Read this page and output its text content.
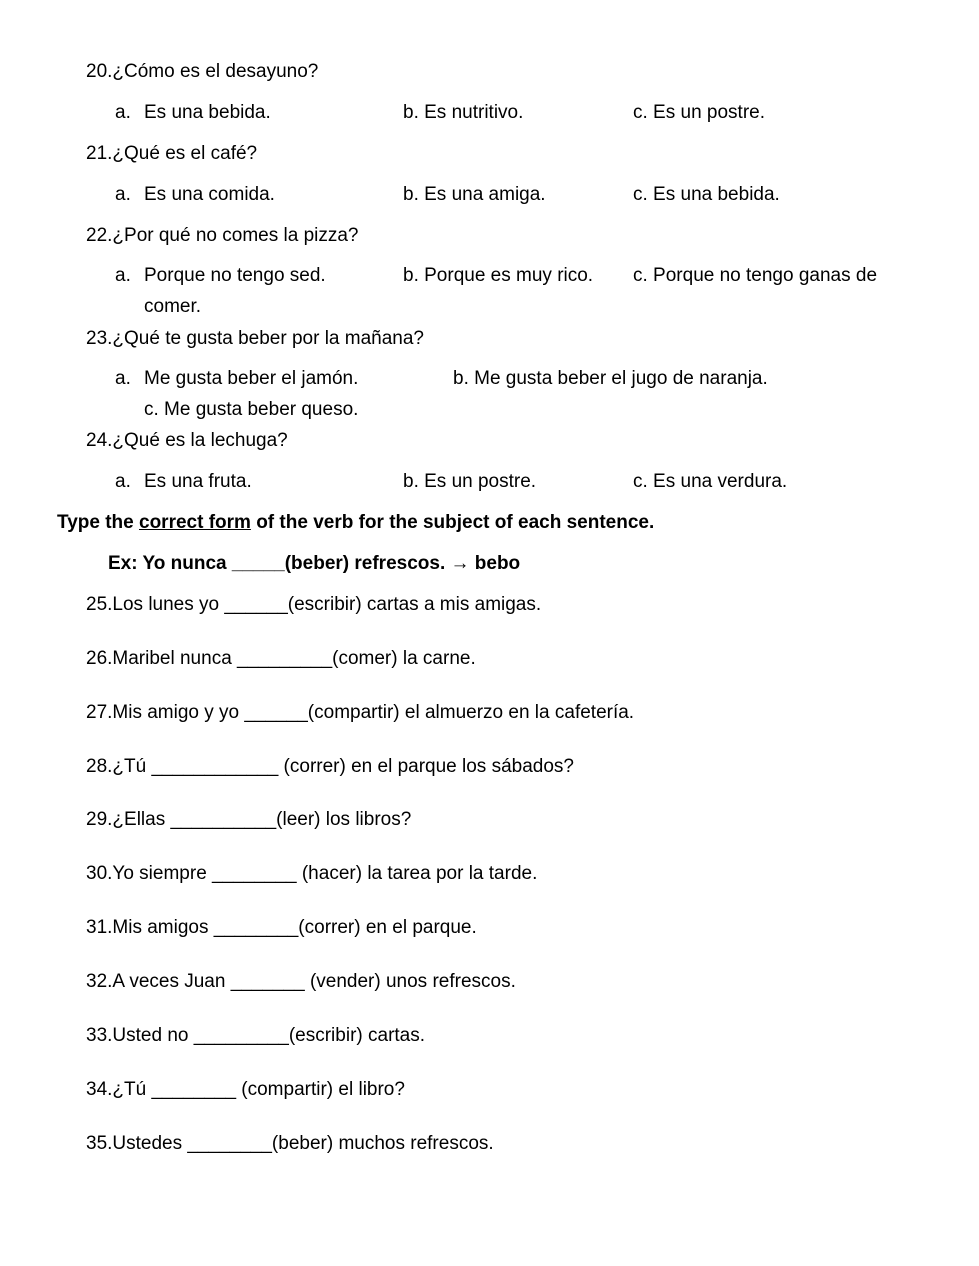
20.¿Cómo es el desayuno?
a. Es una bebida.	b. Es nutritivo.	c. Es un postre.
21.¿Qué es el café?
a. Es una comida.	b. Es una amiga.	c. Es una bebida.
22.¿Por qué no comes la pizza?
a. Porque no tengo sed.	b. Porque es muy rico. c. Porque no tengo ganas de
comer.
23.¿Qué te gusta beber por la mañana?
a. Me gusta beber el jamón.	b. Me gusta beber el jugo de naranja.
c. Me gusta beber queso.
24.¿Qué es la lechuga?
a. Es una fruta.	b. Es un postre.	c. Es una verdura.
Type the correct form of the verb for the subject of each sentence.
Ex: Yo nunca _____(beber) refrescos. → bebo
25.Los lunes yo ______(escribir) cartas a mis amigas.
26.Maribel nunca _________(comer) la carne.
27.Mis amigo y yo ______(compartir) el almuerzo en la cafetería.
28.¿Tú ____________ (correr) en el parque los sábados?
29.¿Ellas __________(leer) los libros?
30.Yo siempre ________ (hacer) la tarea por la tarde.
31.Mis amigos ________(correr) en el parque.
32.A veces Juan _______ (vender) unos refrescos.
33.Usted no _________(escribir) cartas.
34.¿Tú ________ (compartir) el libro?
35.Ustedes ________(beber) muchos refrescos.
